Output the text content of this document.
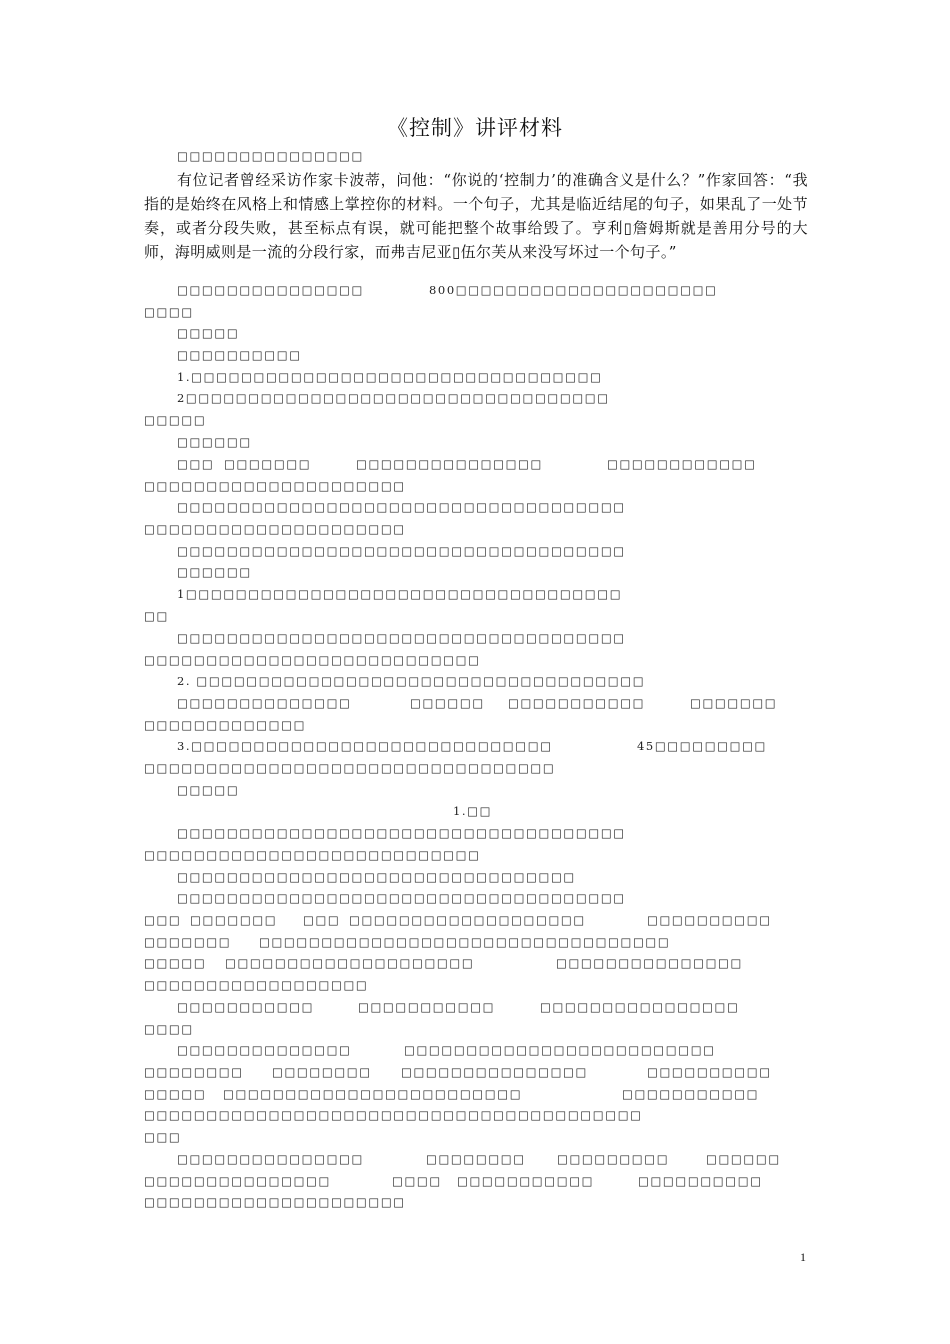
《控制》讲评材料
□□□□□□□□□□□□□□□
有位记者曾经采访作家卡波蒂，问他：“你说的‘控制力’的准确含义是什么？”作家回答：“我指的是始终在风格上和情感上掌控你的材料。一个句子，尤其是临近结尾的句子，如果乱了一处节奏，或者分段失败，甚至标点有误，就可能把整个故事给毁了。亨利▯詹姆斯就是善用分号的大师，海明威则是一流的分段行家，而弗吉尼亚▯伍尔芙从来没写坏过一个句子。”
□□□□□□□□□□□□□□□	800□□□□□□□□□□□□□□□□□□□□□
□□□□
□□□□□
□□□□□□□□□□
1.□□□□□□□□□□□□□□□□□□□□□□□□□□□□□□□□□
2□□□□□□□□□□□□□□□□□□□□□□□□□□□□□□□□□□
□□□□□
□□□□□□
□□□ □□□□□□□	□□□□□□□□□□□□□□□	□□□□□□□□□□□□
□□□□□□□□□□□□□□□□□□□□□
□□□□□□□□□□□□□□□□□□□□□□□□□□□□□□□□□□□□
□□□□□□□□□□□□□□□□□□□□□
□□□□□□□□□□□□□□□□□□□□□□□□□□□□□□□□□□□□
□□□□□□
1□□□□□□□□□□□□□□□□□□□□□□□□□□□□□□□□□□□
□□
□□□□□□□□□□□□□□□□□□□□□□□□□□□□□□□□□□□□
□□□□□□□□□□□□□□□□□□□□□□□□□□□
2. □□□□□□□□□□□□□□□□□□□□□□□□□□□□□□□□□□□□
□□□□□□□□□□□□□□	□□□□□□ □□□□□□□□□□□	□□□□□□□
□□□□□□□□□□□□□
3.□□□□□□□□□□□□□□□□□□□□□□□□□□□□□	45□□□□□□□□□
□□□□□□□□□□□□□□□□□□□□□□□□□□□□□□□□□
□□□□□
1.□□
□□□□□□□□□□□□□□□□□□□□□□□□□□□□□□□□□□□□
□□□□□□□□□□□□□□□□□□□□□□□□□□□
□□□□□□□□□□□□□□□□□□□□□□□□□□□□□□□□
□□□□□□□□□□□□□□□□□□□□□□□□□□□□□□□□□□□□
□□□ □□□□□□□ □□□ □□□□□□□□□□□□□□□□□□□	□□□□□□□□□□
□□□□□□□ □□□□□□□□□□□□□□□□□□□□□□□□□□□□□□□□□
□□□□□ □□□□□□□□□□□□□□□□□□□□	□□□□□□□□□□□□□□□
□□□□□□□□□□□□□□□□□□
□□□□□□□□□□□	□□□□□□□□□□□	□□□□□□□□□□□□□□□□
□□□□
□□□□□□□□□□□□□□	□□□□□□□□□□□□□□□□□□□□□□□□□
□□□□□□□□ □□□□□□□□	□□□□□□□□□□□□□□□	□□□□□□□□□□
□□□□□ □□□□□□□□□□□□□□□□□□□□□□□□	□□□□□□□□□□□
□□□□□□□□□□□□□□□□□□□□□□□□□□□□□□□□□□□□□□□□
□□□
□□□□□□□□□□□□□□□	□□□□□□□□	□□□□□□□□□	□□□□□□
□□□□□□□□□□□□□□□	□□□□ □□□□□□□□□□□	□□□□□□□□□□
□□□□□□□□□□□□□□□□□□□□□
1
